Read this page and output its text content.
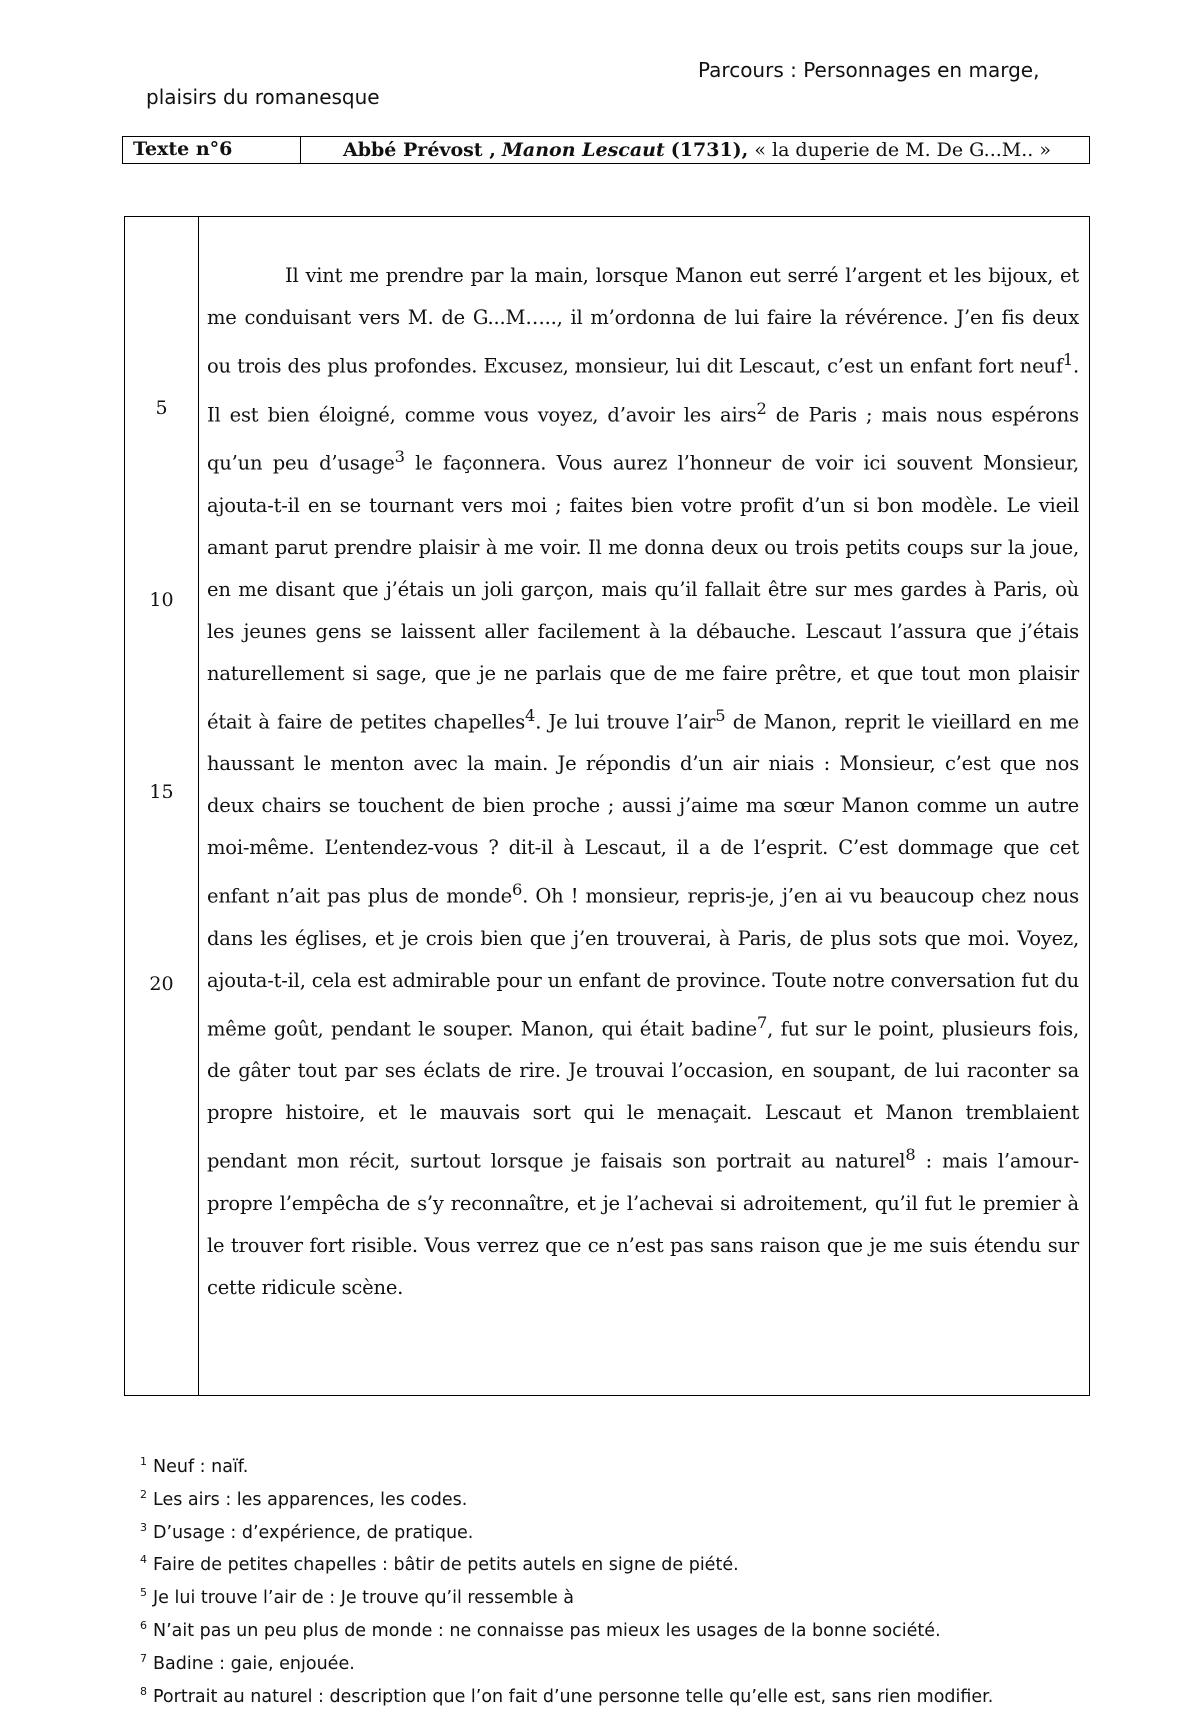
Parcours : Personnages en marge,
plaisirs du romanesque
Texte n°6	Abbé Prévost , Manon Lescaut (1731), « la duperie de M. De G...M.. »
5
10
15
20
Il vint me prendre par la main, lorsque Manon eut serré l’argent et les bijoux, et me conduisant vers M. de G...M….., il m’ordonna de lui faire la révérence. J’en fis deux ou trois des plus profondes. Excusez, monsieur, lui dit Lescaut, c’est un enfant fort neuf$^1$. Il est bien éloigné, comme vous voyez, d’avoir les airs$^2$ de Paris ; mais nous espérons qu’un peu d’usage$^3$ le façonnera. Vous aurez l’honneur de voir ici souvent Monsieur, ajouta-t-il en se tournant vers moi ; faites bien votre profit d’un si bon modèle. Le vieil amant parut prendre plaisir à me voir. Il me donna deux ou trois petits coups sur la joue, en me disant que j’étais un joli garçon, mais qu’il fallait être sur mes gardes à Paris, où les jeunes gens se laissent aller facilement à la débauche. Lescaut l’assura que j’étais naturellement si sage, que je ne parlais que de me faire prêtre, et que tout mon plaisir était à faire de petites chapelles$^4$. Je lui trouve l’air$^5$ de Manon, reprit le vieillard en me haussant le menton avec la main. Je répondis d’un air niais : Monsieur, c’est que nos deux chairs se touchent de bien proche ; aussi j’aime ma sœur Manon comme un autre moi-même. L’entendez-vous ? dit-il à Lescaut, il a de l’esprit. C’est dommage que cet enfant n’ait pas plus de monde$^6$. Oh ! monsieur, repris-je, j’en ai vu beaucoup chez nous dans les églises, et je crois bien que j’en trouverai, à Paris, de plus sots que moi. Voyez, ajouta-t-il, cela est admirable pour un enfant de province. Toute notre conversation fut du même goût, pendant le souper. Manon, qui était badine$^7$, fut sur le point, plusieurs fois, de gâter tout par ses éclats de rire. Je trouvai l’occasion, en soupant, de lui raconter sa propre histoire, et le mauvais sort qui le menaçait. Lescaut et Manon tremblaient pendant mon récit, surtout lorsque je faisais son portrait au naturel$^8$ : mais l’amour-propre l’empêcha de s’y reconnaître, et je l’achevai si adroitement, qu’il fut le premier à le trouver fort risible. Vous verrez que ce n’est pas sans raison que je me suis étendu sur cette ridicule scène.
$^1$ Neuf : naïf.
$^2$ Les airs : les apparences, les codes.
$^3$ D’usage : d’expérience, de pratique.
$^4$ Faire de petites chapelles : bâtir de petits autels en signe de piété.
$^5$ Je lui trouve l’air de : Je trouve qu’il ressemble à
$^6$ N’ait pas un peu plus de monde : ne connaisse pas mieux les usages de la bonne société.
$^7$ Badine : gaie, enjouée.
$^8$ Portrait au naturel : description que l’on fait d’une personne telle qu’elle est, sans rien modifier.
